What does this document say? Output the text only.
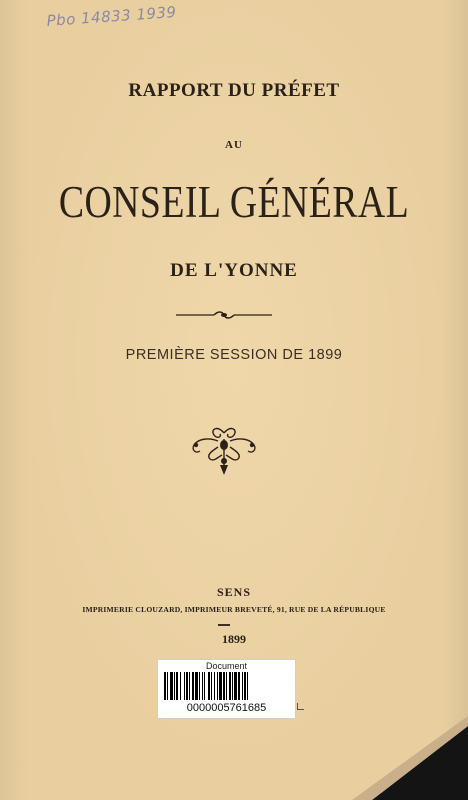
Pbo 14833 1939
RAPPORT DU PRÉFET
AU
CONSEIL GÉNÉRAL
DE L'YONNE
PREMIÈRE SESSION DE 1899
SENS
IMPRIMERIE CLOUZARD, IMPRIMEUR BREVETÉ, 91, RUE DE LA RÉPUBLIQUE
1899
Document
0000005761685
